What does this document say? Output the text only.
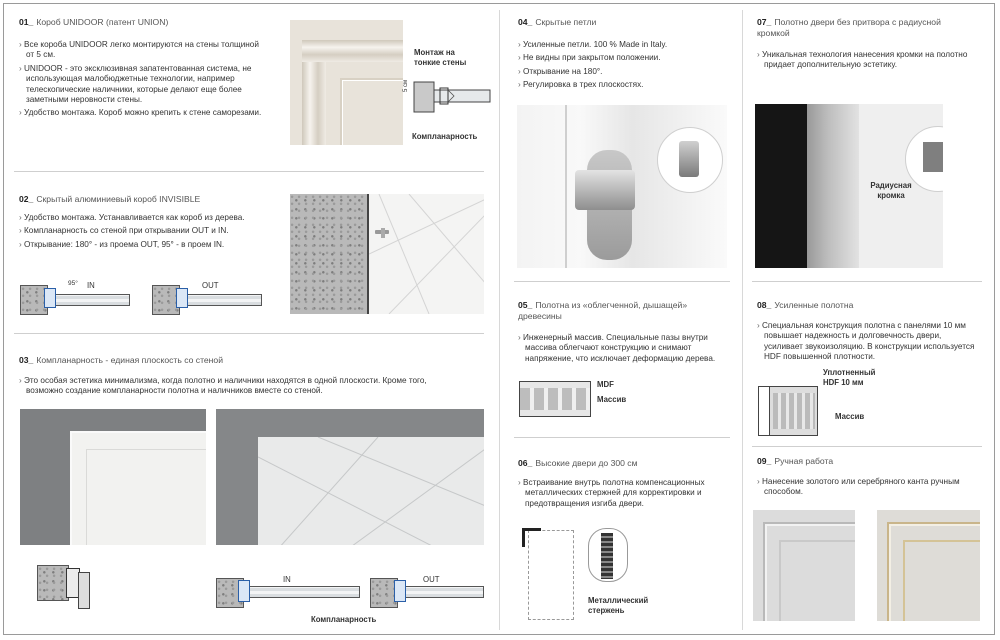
01_ Короб UNIDOOR (патент UNION)

› Все короба UNIDOOR легко монтируются на стены толщиной от 5 см.

› UNIDOOR - это эксклюзивная запатентованная система, не использующая малобюджетные технологии, например телескопические наличники, которые делают еще более заметными неровности стены.

› Удобство монтажа. Короб можно крепить к стене саморезами.

Монтаж на тонкие стены
5 см
Компланарность
02_ Скрытый алюминиевый короб INVISIBLE

› Удобство монтажа. Устанавливается как короб из дерева.

› Компланарность со стеной при открывании OUT и IN.

› Открывание: 180° - из проема OUT, 95° - в проем IN.

IN
95°	OUT
03_ Компланарность - единая плоскость со стеной

› Это особая эстетика минимализма, когда полотно и наличники находятся в одной плоскости. Кроме того, возможно создание компланарности полотна и наличников вместе со стеной.

IN	OUT
Компланарность
04_ Скрытые петли

› Усиленные петли. 100 % Made in Italy.

› Не видны при закрытом положении.

› Открывание на 180°.

› Регулировка в трех плоскостях.

05_ Полотна из «облегченной, дышащей» древесины

› Инженерный массив. Специальные пазы внутри массива облегчают конструкцию и снимают напряжение, что исключает деформацию дерева.

MDF
Массив
06_ Высокие двери до 300 см

› Встраивание внутрь полотна компенсационных металлических стержней для корректировки и предотвращения изгиба двери.

Металлический стержень
07_ Полотно двери без притвора с радиусной кромкой

› Уникальная технология нанесения кромки на полотно придает дополнительную эстетику.

Радиусная кромка
08_ Усиленные полотна

› Специальная конструкция полотна с панелями 10 мм повышает надежность и долговечность двери, усиливает звукоизоляцию. В конструкции используется HDF повышенной плотности.

Уплотненный HDF 10 мм
Массив
09_ Ручная работа

› Нанесение золотого или серебряного канта ручным способом.
